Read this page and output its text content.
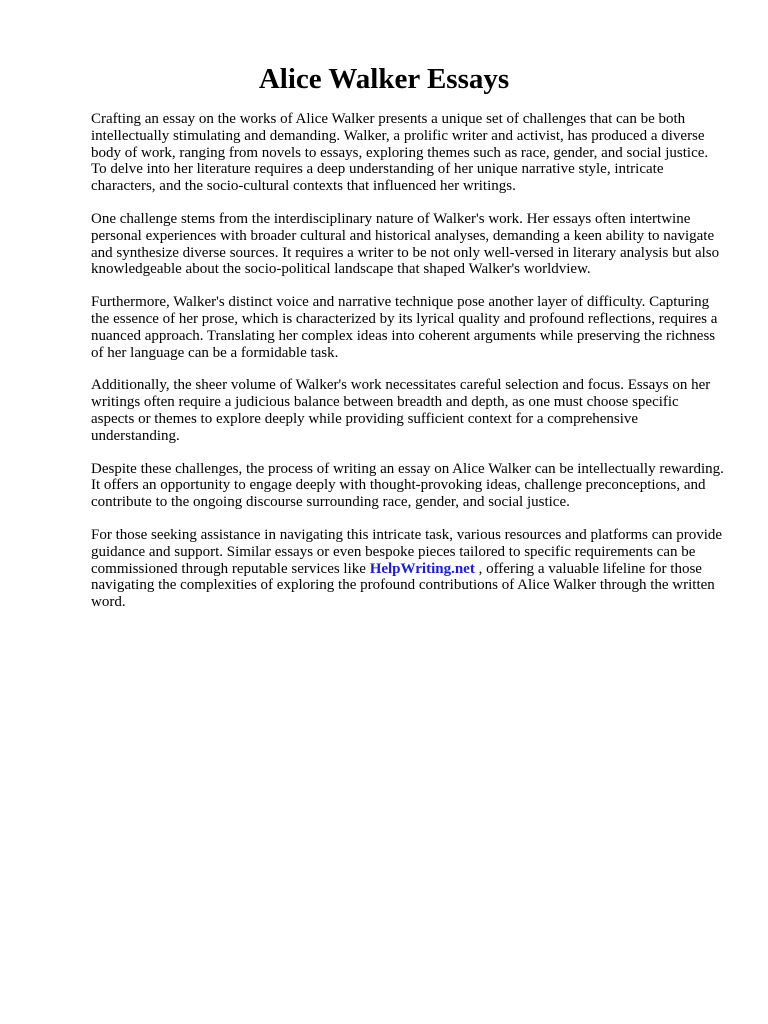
Alice Walker Essays

Crafting an essay on the works of Alice Walker presents a unique set of challenges that can be both intellectually stimulating and demanding. Walker, a prolific writer and activist, has produced a diverse body of work, ranging from novels to essays, exploring themes such as race, gender, and social justice. To delve into her literature requires a deep understanding of her unique narrative style, intricate characters, and the socio-cultural contexts that influenced her writings.

One challenge stems from the interdisciplinary nature of Walker's work. Her essays often intertwine personal experiences with broader cultural and historical analyses, demanding a keen ability to navigate and synthesize diverse sources. It requires a writer to be not only well-versed in literary analysis but also knowledgeable about the socio-political landscape that shaped Walker's worldview.

Furthermore, Walker's distinct voice and narrative technique pose another layer of difficulty. Capturing the essence of her prose, which is characterized by its lyrical quality and profound reflections, requires a nuanced approach. Translating her complex ideas into coherent arguments while preserving the richness of her language can be a formidable task.

Additionally, the sheer volume of Walker's work necessitates careful selection and focus. Essays on her writings often require a judicious balance between breadth and depth, as one must choose specific aspects or themes to explore deeply while providing sufficient context for a comprehensive understanding.

Despite these challenges, the process of writing an essay on Alice Walker can be intellectually rewarding. It offers an opportunity to engage deeply with thought-provoking ideas, challenge preconceptions, and contribute to the ongoing discourse surrounding race, gender, and social justice.

For those seeking assistance in navigating this intricate task, various resources and platforms can provide guidance and support. Similar essays or even bespoke pieces tailored to specific requirements can be commissioned through reputable services like HelpWriting.net , offering a valuable lifeline for those navigating the complexities of exploring the profound contributions of Alice Walker through the written word.
